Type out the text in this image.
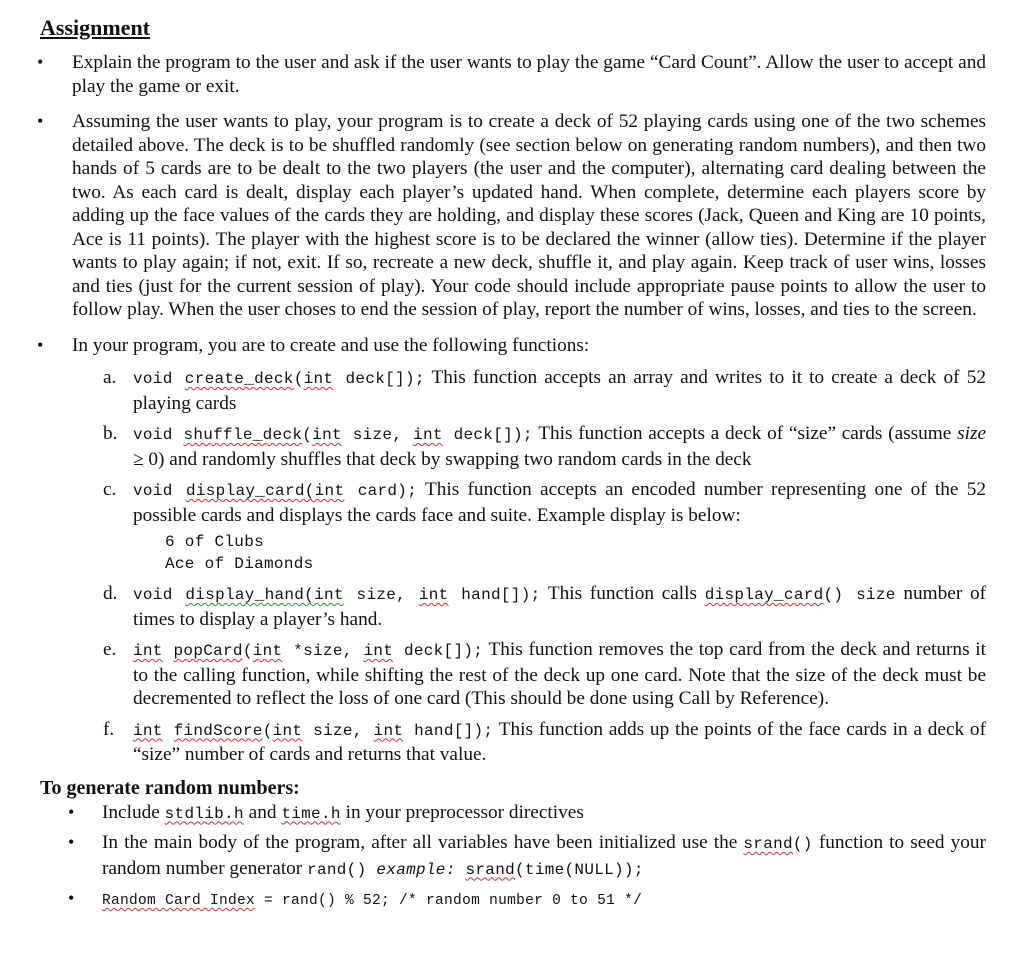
Assignment
• Explain the program to the user and ask if the user wants to play the game “Card Count”. Allow the user to accept and play the game or exit.
• Assuming the user wants to play, your program is to create a deck of 52 playing cards using one of the two schemes detailed above. The deck is to be shuffled randomly (see section below on generating random numbers), and then two hands of 5 cards are to be dealt to the two players (the user and the computer), alternating card dealing between the two. As each card is dealt, display each player’s updated hand. When complete, determine each players score by adding up the face values of the cards they are holding, and display these scores (Jack, Queen and King are 10 points, Ace is 11 points). The player with the highest score is to be declared the winner (allow ties). Determine if the player wants to play again; if not, exit. If so, recreate a new deck, shuffle it, and play again. Keep track of user wins, losses and ties (just for the current session of play). Your code should include appropriate pause points to allow the user to follow play. When the user choses to end the session of play, report the number of wins, losses, and ties to the screen.
• In your program, you are to create and use the following functions:
a. void create_deck(int deck[]); This function accepts an array and writes to it to create a deck of 52 playing cards
b. void shuffle_deck(int size, int deck[]); This function accepts a deck of “size” cards (assume size ≥ 0) and randomly shuffles that deck by swapping two random cards in the deck
c. void display_card(int card); This function accepts an encoded number representing one of the 52 possible cards and displays the cards face and suite. Example display is below:
6 of Clubs
Ace of Diamonds
d. void display_hand(int size, int hand[]); This function calls display_card() size number of times to display a player’s hand.
e. int popCard(int *size, int deck[]); This function removes the top card from the deck and returns it to the calling function, while shifting the rest of the deck up one card. Note that the size of the deck must be decremented to reflect the loss of one card (This should be done using Call by Reference).
f. int findScore(int size, int hand[]); This function adds up the points of the face cards in a deck of “size” number of cards and returns that value.
To generate random numbers:
• Include stdlib.h and time.h in your preprocessor directives
• In the main body of the program, after all variables have been initialized use the srand() function to seed your random number generator rand() example: srand(time(NULL));
• Random Card Index = rand() % 52; /* random number 0 to 51 */
